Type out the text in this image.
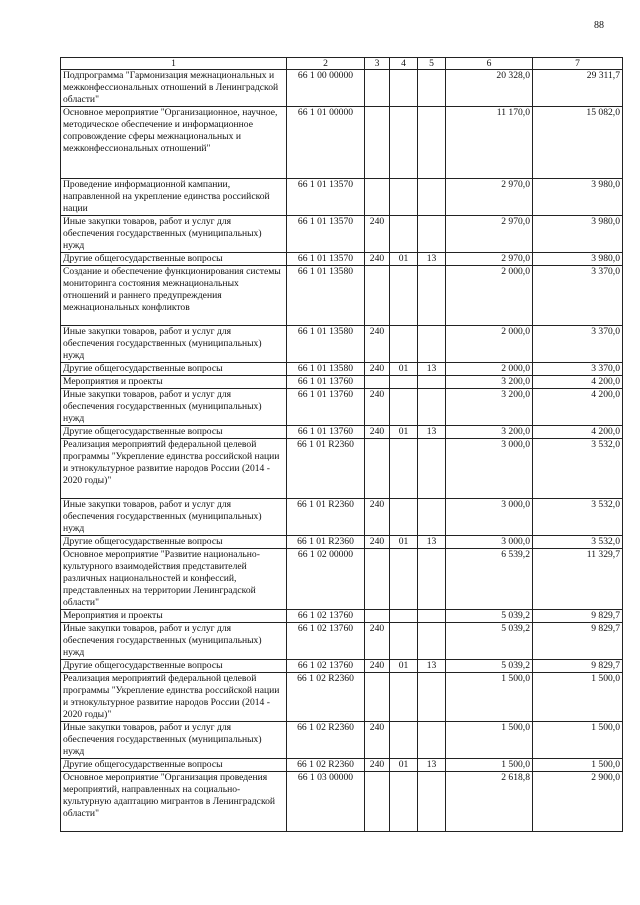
88
1	2	3	4	5	6	7
Подпрограмма "Гармонизация межнациональных и межконфессиональных отношений в Ленинградской области"	66 1 00 00000				20 328,0	29 311,7
Основное мероприятие "Организационное, научное, методическое обеспечение и информационное сопровождение сферы межнациональных и межконфессиональных отношений"	66 1 01 00000				11 170,0	15 082,0
Проведение информационной кампании, направленной на укрепление единства российской нации	66 1 01 13570				2 970,0	3 980,0
Иные закупки товаров, работ и услуг для обеспечения государственных (муниципальных) нужд	66 1 01 13570	240			2 970,0	3 980,0
Другие общегосударственные вопросы	66 1 01 13570	240	01	13	2 970,0	3 980,0
Создание и обеспечение функционирования системы мониторинга состояния межнациональных отношений и раннего предупреждения межнациональных конфликтов	66 1 01 13580				2 000,0	3 370,0
Иные закупки товаров, работ и услуг для обеспечения государственных (муниципальных) нужд	66 1 01 13580	240			2 000,0	3 370,0
Другие общегосударственные вопросы	66 1 01 13580	240	01	13	2 000,0	3 370,0
Мероприятия и проекты	66 1 01 13760				3 200,0	4 200,0
Иные закупки товаров, работ и услуг для обеспечения государственных (муниципальных) нужд	66 1 01 13760	240			3 200,0	4 200,0
Другие общегосударственные вопросы	66 1 01 13760	240	01	13	3 200,0	4 200,0
Реализация мероприятий федеральной целевой программы "Укрепление единства российской нации и этнокультурное развитие народов России (2014 - 2020 годы)"	66 1 01 R2360				3 000,0	3 532,0
Иные закупки товаров, работ и услуг для обеспечения государственных (муниципальных) нужд	66 1 01 R2360	240			3 000,0	3 532,0
Другие общегосударственные вопросы	66 1 01 R2360	240	01	13	3 000,0	3 532,0
Основное мероприятие "Развитие национально-культурного взаимодействия представителей различных национальностей и конфессий, представленных на территории Ленинградской области"	66 1 02 00000				6 539,2	11 329,7
Мероприятия и проекты	66 1 02 13760				5 039,2	9 829,7
Иные закупки товаров, работ и услуг для обеспечения государственных (муниципальных) нужд	66 1 02 13760	240			5 039,2	9 829,7
Другие общегосударственные вопросы	66 1 02 13760	240	01	13	5 039,2	9 829,7
Реализация мероприятий федеральной целевой программы "Укрепление единства российской нации и этнокультурное развитие народов России (2014 - 2020 годы)"	66 1 02 R2360				1 500,0	1 500,0
Иные закупки товаров, работ и услуг для обеспечения государственных (муниципальных) нужд	66 1 02 R2360	240			1 500,0	1 500,0
Другие общегосударственные вопросы	66 1 02 R2360	240	01	13	1 500,0	1 500,0
Основное мероприятие "Организация проведения мероприятий, направленных на социально-культурную адаптацию мигрантов в Ленинградской области"	66 1 03 00000				2 618,8	2 900,0
